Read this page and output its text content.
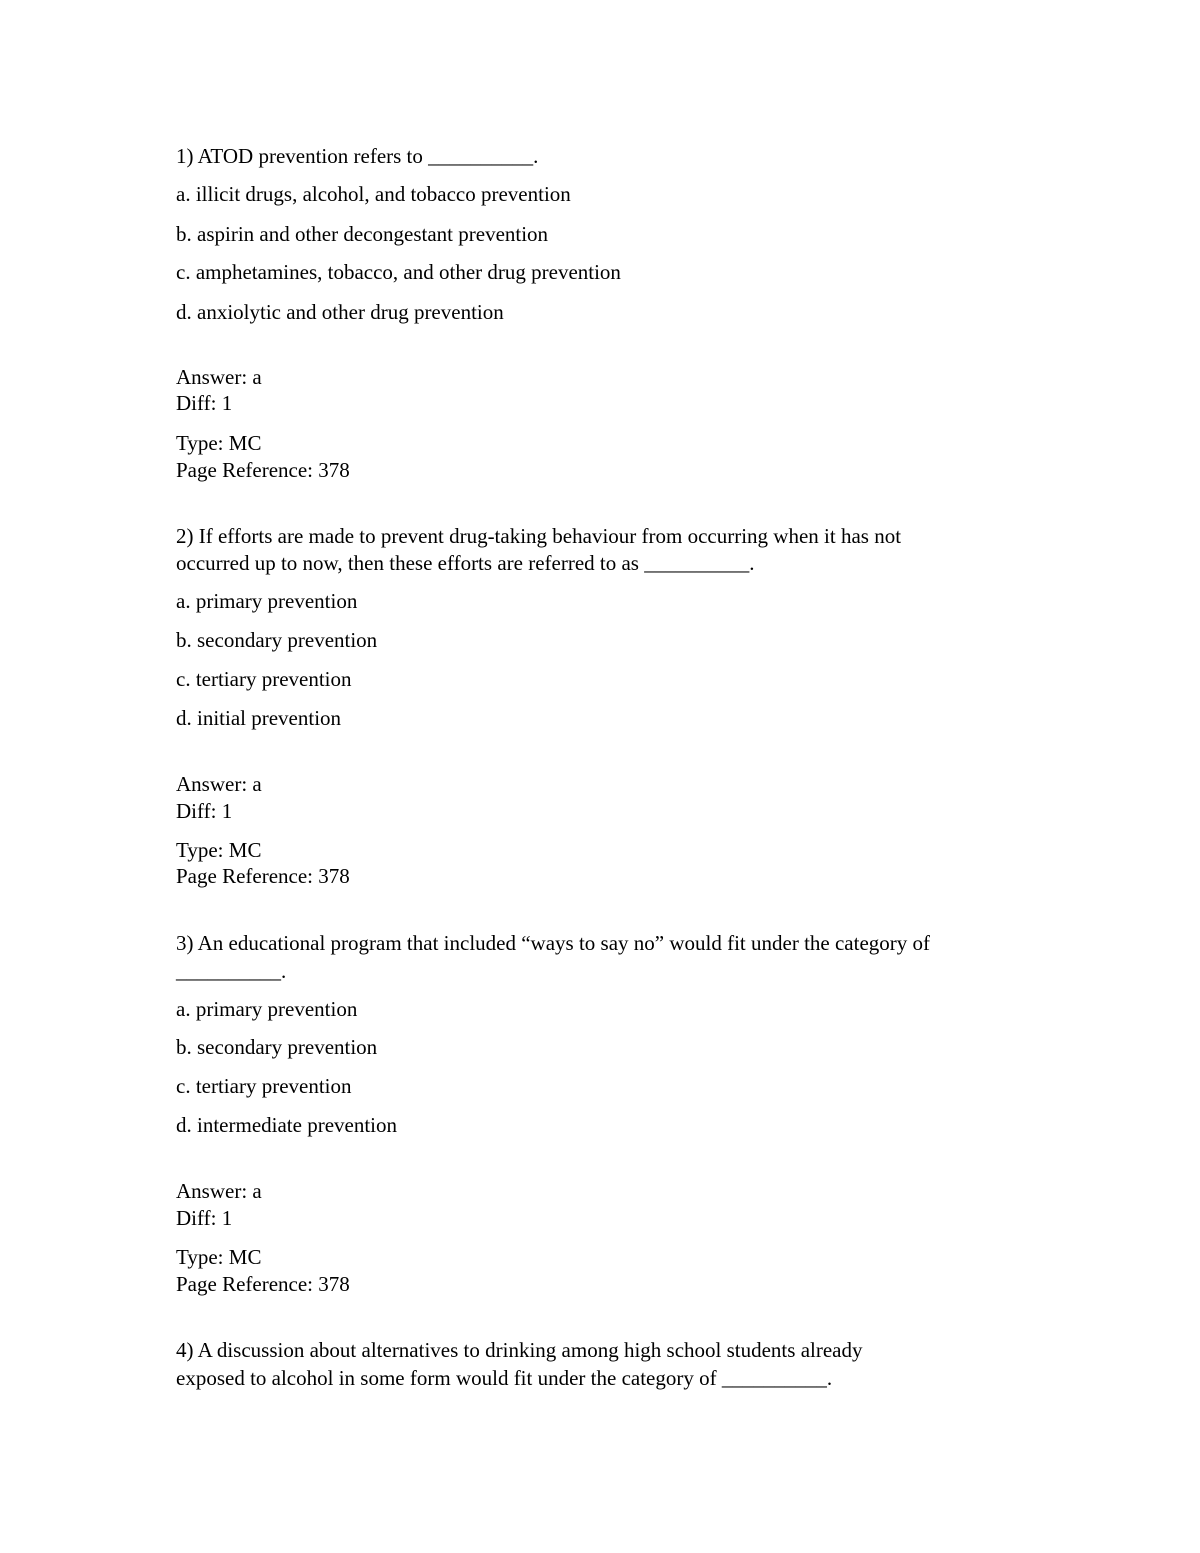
1) ATOD prevention refers to __________.
a. illicit drugs, alcohol, and tobacco prevention
b. aspirin and other decongestant prevention
c. amphetamines, tobacco, and other drug prevention
d. anxiolytic and other drug prevention
Answer: a
Diff: 1
Type: MC
Page Reference: 378
2) If efforts are made to prevent drug-taking behaviour from occurring when it has not
occurred up to now, then these efforts are referred to as __________.
a. primary prevention
b. secondary prevention
c. tertiary prevention
d. initial prevention
Answer: a
Diff: 1
Type: MC
Page Reference: 378
3) An educational program that included “ways to say no” would fit under the category of
__________.
a. primary prevention
b. secondary prevention
c. tertiary prevention
d. intermediate prevention
Answer: a
Diff: 1
Type: MC
Page Reference: 378
4) A discussion about alternatives to drinking among high school students already
exposed to alcohol in some form would fit under the category of __________.
